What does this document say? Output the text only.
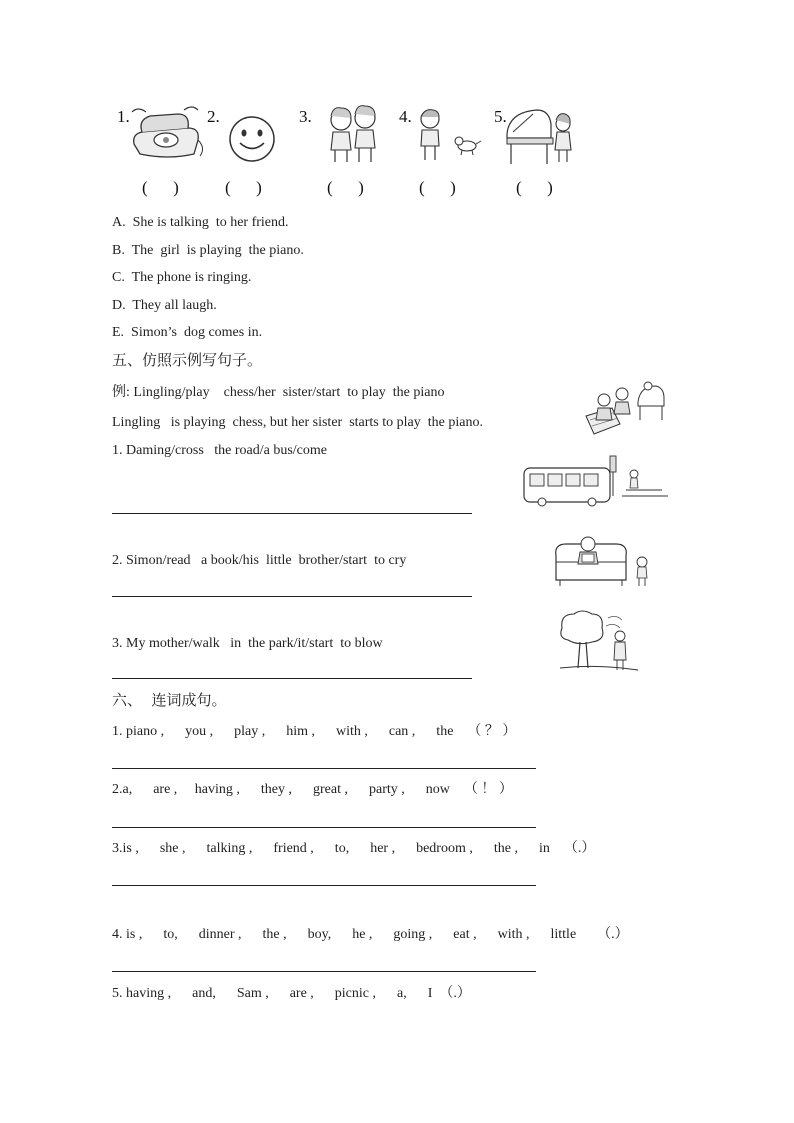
1.	2.	3.	4.	5.
(      )	(      )	(      )	(      )	(      )
A.  She is talking  to her friend.
B.  The  girl  is playing  the piano.
C.  The phone is ringing.
D.  They all laugh.
E.  Simon’s  dog comes in.
五、仿照示例写句子。
例: Lingling/play    chess/her  sister/start  to play  the piano
Lingling   is playing  chess, but her sister  starts to play  the piano.
1. Daming/cross   the road/a bus/come
2. Simon/read   a book/his  little  brother/start  to cry
3. My mother/walk   in  the park/it/start  to blow
六、  连词成句。
1. piano ,      you ,      play ,      him ,      with ,      can ,      the    （ ？ ）
2.a,      are ,     having ,      they ,      great ,      party ,      now    （ ！ ）
3.is ,      she ,      talking ,      friend ,      to,      her ,      bedroom ,      the ,      in    （.）
4. is ,      to,      dinner ,      the ,      boy,      he ,      going ,      eat ,      with ,      little      （.）
5. having ,      and,      Sam ,      are ,      picnic ,      a,      I  （.）
